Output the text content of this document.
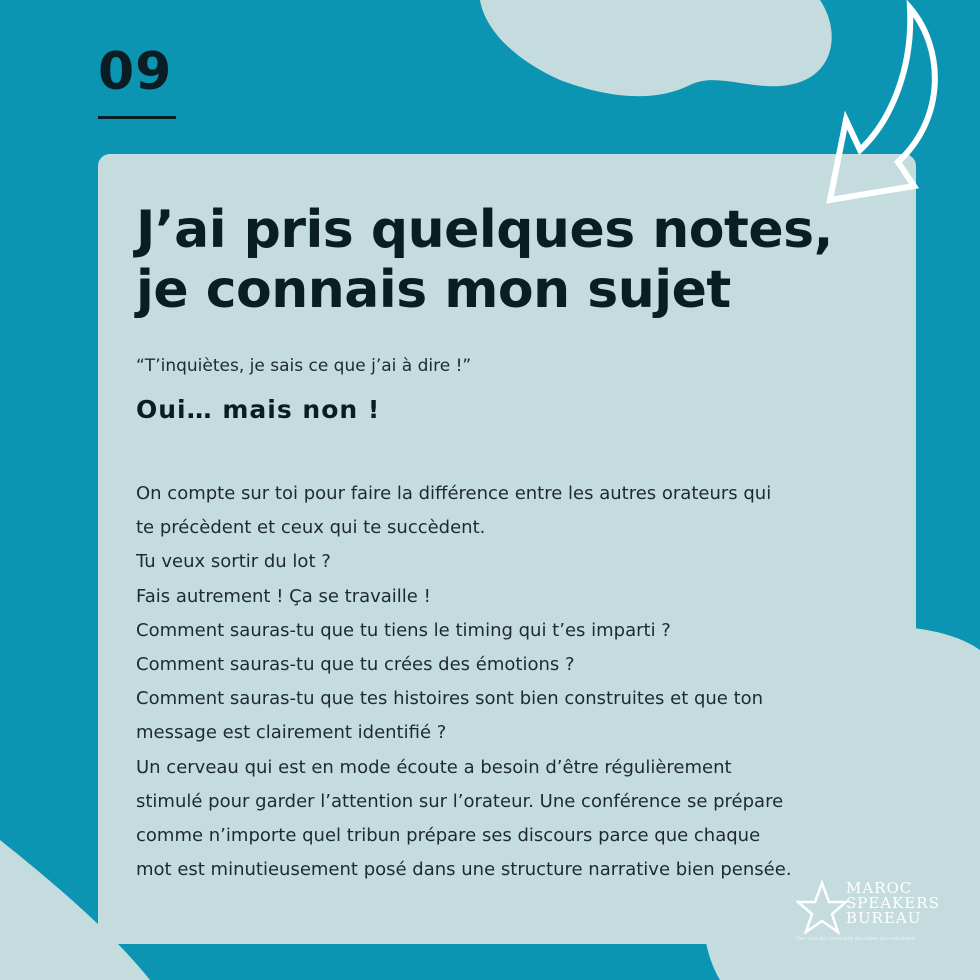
09
J’ai pris quelques notes,
je connais mon sujet

“T’inquiètes, je sais ce que j’ai à dire !”

Oui… mais non !

On compte sur toi pour faire la différence entre les autres orateurs qui
te précèdent et ceux qui te succèdent.
Tu veux sortir du lot ?
Fais autrement ! Ça se travaille !
Comment sauras-tu que tu tiens le timing qui t’es imparti ?
Comment sauras-tu que tu crées des émotions ?
Comment sauras-tu que tes histoires sont bien construites et que ton
message est clairement identifié ?
Un cerveau qui est en mode écoute a besoin d’être régulièrement
stimulé pour garder l’attention sur l’orateur. Une conférence se prépare
comme n’importe quel tribun prépare ses discours parce que chaque
mot est minutieusement posé dans une structure narrative bien pensée.
MAROC
SPEAKERS
BUREAU
Des voix qui marquent des idées qui mobilisent
